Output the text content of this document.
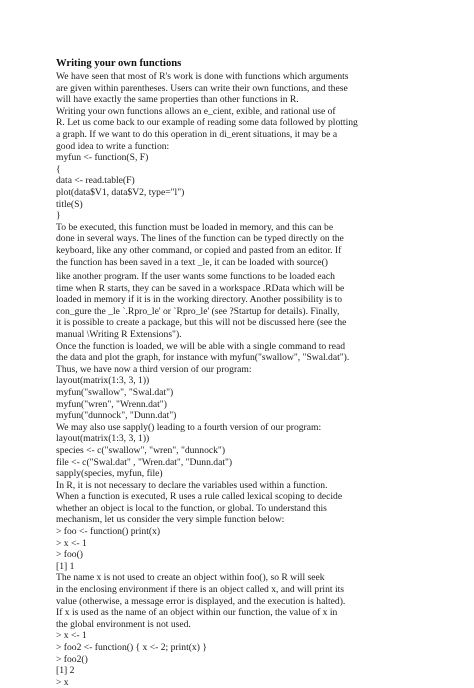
Writing your own functions
We have seen that most of R's work is done with functions which arguments
are given within parentheses. Users can write their own functions, and these
will have exactly the same properties than other functions in R.
Writing your own functions allows an e_cient, exible, and rational use of
R. Let us come back to our example of reading some data followed by plotting
a graph. If we want to do this operation in di_erent situations, it may be a
good idea to write a function:
myfun <- function(S, F)
{
data <- read.table(F)
plot(data$V1, data$V2, type="l")
title(S)
}
To be executed, this function must be loaded in memory, and this can be
done in several ways. The lines of the function can be typed directly on the
keyboard, like any other command, or copied and pasted from an editor. If
the function has been saved in a text _le, it can be loaded with source()
like another program. If the user wants some functions to be loaded each
time when R starts, they can be saved in a workspace .RData which will be
loaded in memory if it is in the working directory. Another possibility is to
con_gure the _le `.Rpro_le' or `Rpro_le' (see ?Startup for details). Finally,
it is possible to create a package, but this will not be discussed here (see the
manual \Writing R Extensions").
Once the function is loaded, we will be able with a single command to read
the data and plot the graph, for instance with myfun("swallow", "Swal.dat").
Thus, we have now a third version of our program:
layout(matrix(1:3, 3, 1))
myfun("swallow", "Swal.dat")
myfun("wren", "Wrenn.dat")
myfun("dunnock", "Dunn.dat")
We may also use sapply() leading to a fourth version of our program:
layout(matrix(1:3, 3, 1))
species <- c("swallow", "wren", "dunnock")
file <- c("Swal.dat" , "Wren.dat", "Dunn.dat")
sapply(species, myfun, file)
In R, it is not necessary to declare the variables used within a function.
When a function is executed, R uses a rule called lexical scoping to decide
whether an object is local to the function, or global. To understand this
mechanism, let us consider the very simple function below:
> foo <- function() print(x)
> x <- 1
> foo()
[1] 1
The name x is not used to create an object within foo(), so R will seek
in the enclosing environment if there is an object called x, and will print its
value (otherwise, a message error is displayed, and the execution is halted).
If x is used as the name of an object within our function, the value of x in
the global environment is not used.
> x <- 1
> foo2 <- function() { x <- 2; print(x) }
> foo2()
[1] 2
> x
